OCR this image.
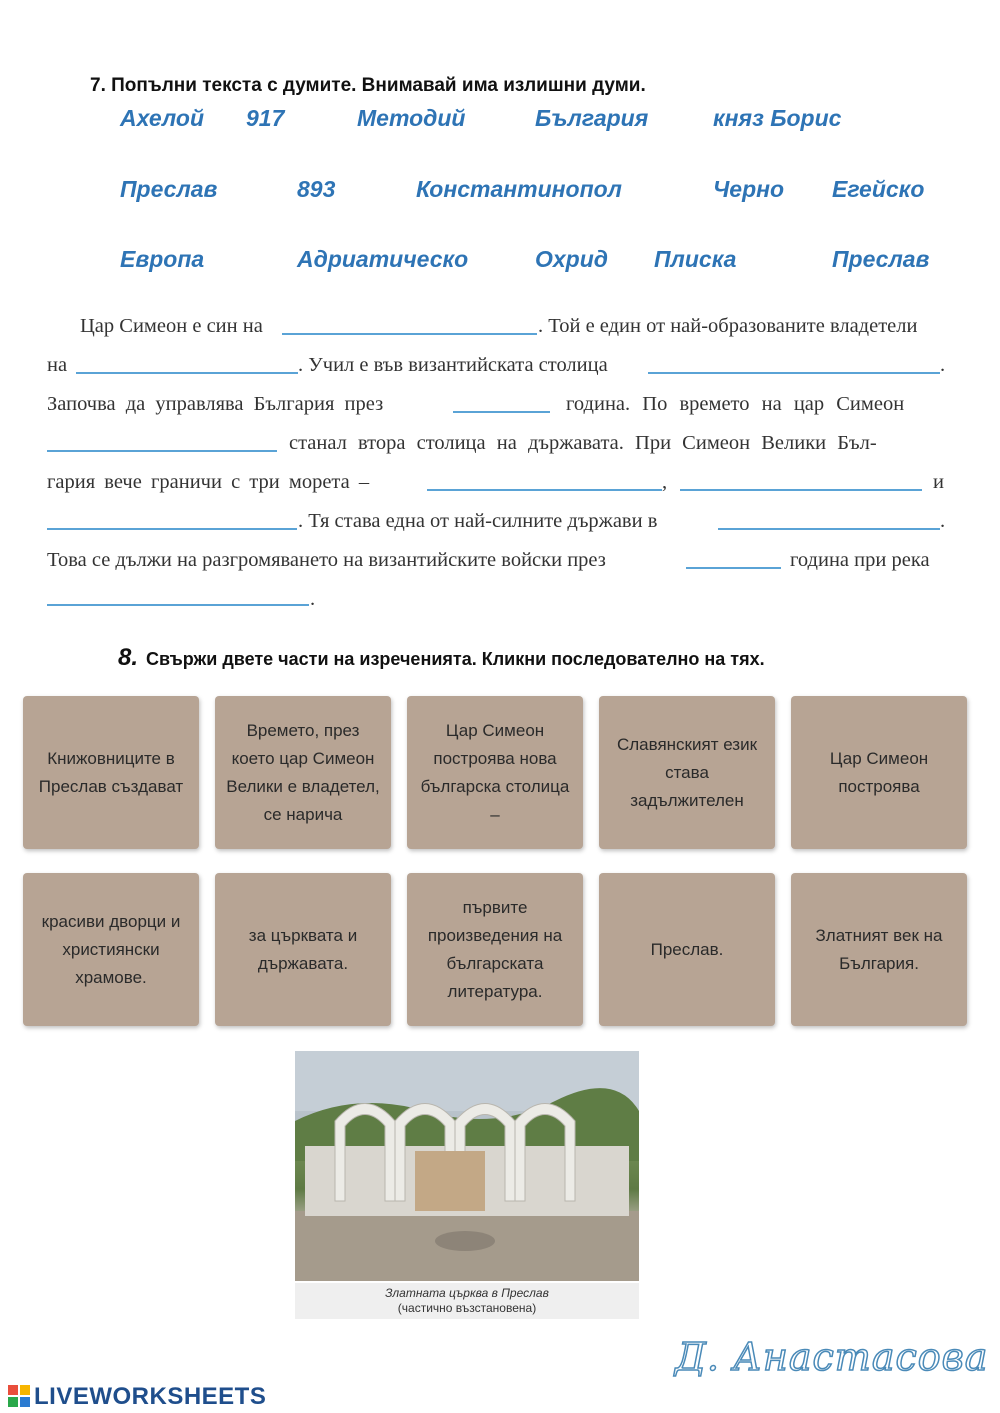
7. Попълни текста с думите. Внимавай има излишни думи.
Ахелой 917	Методий	България	княз Борис
Преслав	893	Константинопол	Черно Егейско
Европа	Адриатическо	Охрид Плиска	Преслав
Цар Симеон е син на	. Той е един от най-образованите владетели
на	. Учил е във византийската столица	.
Започва да управлява България през	година. По времето на цар Симеон
станал втора столица на държавата. При Симеон Велики Бъл-
гария вече граничи с три морета –	,	и
. Тя става една от най-силните държави в	.
Това се дължи на разгромяването на византийските войски през	година при река
.
8. Свържи двете части на изреченията. Кликни последователно на тях.
Книжовниците в Преслав създават
Времето, през което цар Симеон Велики е владетел, се нарича
Цар Симеон построява нова българска столица –
Славянският език става задължителен
Цар Симеон построява
красиви дворци и християнски храмове.
за църквата и държавата.
първите произведения на българската литература.
Преслав.
Златният век на България.
Златната църква в Преслав
(частично възстановена)
Д. Анастасова
LIVEWORKSHEETS
